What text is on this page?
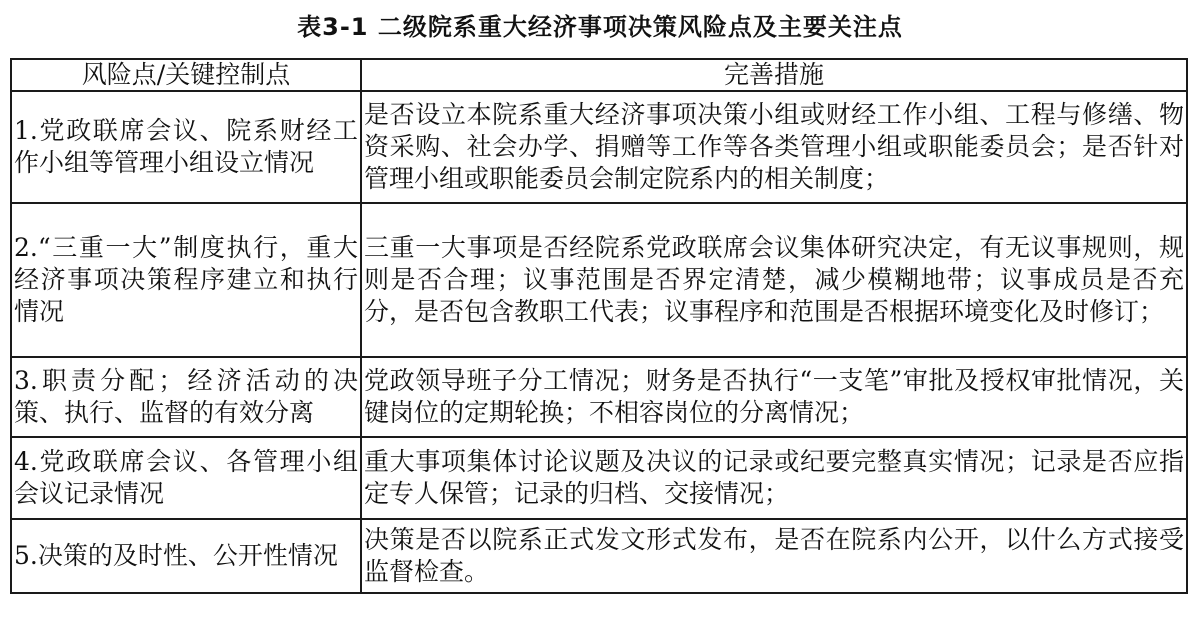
表3-1 二级院系重大经济事项决策风险点及主要关注点
风险点/关键控制点	完善措施
1.党政联席会议、院系财经工作小组等管理小组设立情况	是否设立本院系重大经济事项决策小组或财经工作小组、工程与修缮、物资采购、社会办学、捐赠等工作等各类管理小组或职能委员会；是否针对管理小组或职能委员会制定院系内的相关制度；
2.“三重一大”制度执行，重大经济事项决策程序建立和执行情况	三重一大事项是否经院系党政联席会议集体研究决定，有无议事规则，规则是否合理；议事范围是否界定清楚，减少模糊地带；议事成员是否充分，是否包含教职工代表；议事程序和范围是否根据环境变化及时修订；
3.职责分配；经济活动的决策、执行、监督的有效分离	党政领导班子分工情况；财务是否执行“一支笔”审批及授权审批情况，关键岗位的定期轮换；不相容岗位的分离情况；
4.党政联席会议、各管理小组会议记录情况	重大事项集体讨论议题及决议的记录或纪要完整真实情况；记录是否应指定专人保管；记录的归档、交接情况；
5.决策的及时性、公开性情况	决策是否以院系正式发文形式发布，是否在院系内公开，以什么方式接受监督检查。
